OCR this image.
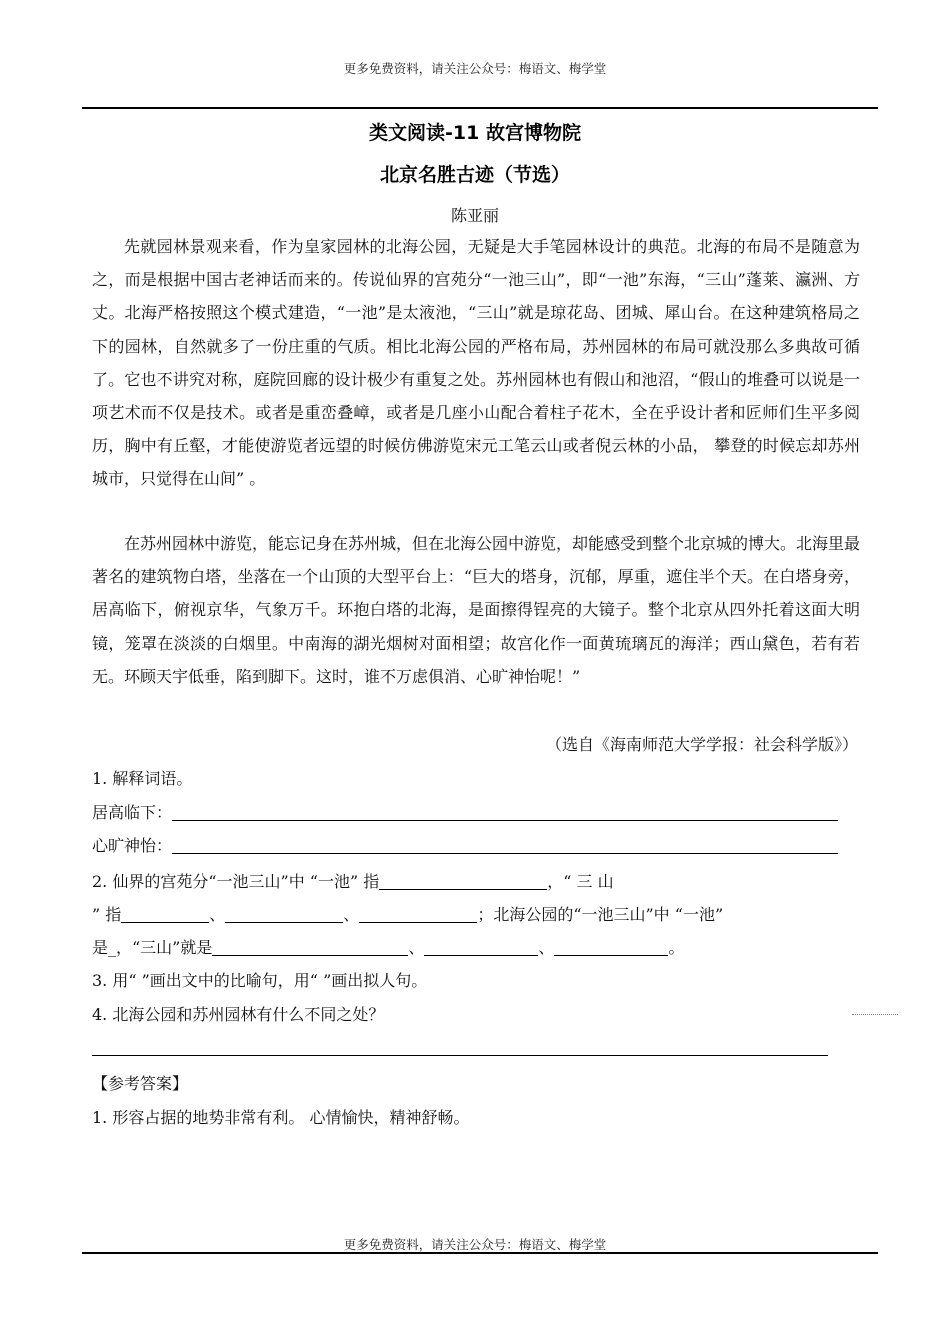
更多免费资料，请关注公众号：梅语文、梅学堂
类文阅读-11 故宫博物院
北京名胜古迹（节选）
陈亚丽
先就园林景观来看，作为皇家园林的北海公园，无疑是大手笔园林设计的典范。北海的布局不是随意为之，而是根据中国古老神话而来的。传说仙界的宫苑分“一池三山”，即“一池”东海，“三山”蓬莱、瀛洲、方丈。北海严格按照这个模式建造，“一池”是太液池，“三山”就是琼花岛、团城、犀山台。在这种建筑格局之下的园林，自然就多了一份庄重的气质。相比北海公园的严格布局，苏州园林的布局可就没那么多典故可循了。它也不讲究对称，庭院回廊的设计极少有重复之处。苏州园林也有假山和池沼，“假山的堆叠可以说是一项艺术而不仅是技术。或者是重峦叠嶂，或者是几座小山配合着柱子花木，全在乎设计者和匠师们生平多阅历，胸中有丘壑，才能使游览者远望的时候仿佛游览宋元工笔云山或者倪云林的小品， 攀登的时候忘却苏州城市，只觉得在山间” 。
在苏州园林中游览，能忘记身在苏州城，但在北海公园中游览，却能感受到整个北京城的博大。北海里最著名的建筑物白塔，坐落在一个山顶的大型平台上：“巨大的塔身，沉郁，厚重，遮住半个天。在白塔身旁，居高临下，俯视京华，气象万千。环抱白塔的北海，是面擦得锃亮的大镜子。整个北京从四外托着这面大明镜，笼罩在淡淡的白烟里。中南海的湖光烟树对面相望；故宫化作一面黄琉璃瓦的海洋；西山黛色，若有若无。环顾天宇低垂，陷到脚下。这时，谁不万虑俱消、心旷神怡呢！”
（选自《海南师范大学学报：社会科学版》）
1. 解释词语。
居高临下：
心旷神怡：
2. 仙界的宫苑分“一池三山”中 “一池” 指	，“ 三 山
” 指	、	、	；北海公园的“一池三山”中 “一池”
是_，“三山”就是	、	、	。
3. 用“ ”画出文中的比喻句，用“ ”画出拟人句。
4. 北海公园和苏州园林有什么不同之处？
【参考答案】
1. 形容占据的地势非常有利。 心情愉快，精神舒畅。
更多免费资料，请关注公众号：梅语文、梅学堂
